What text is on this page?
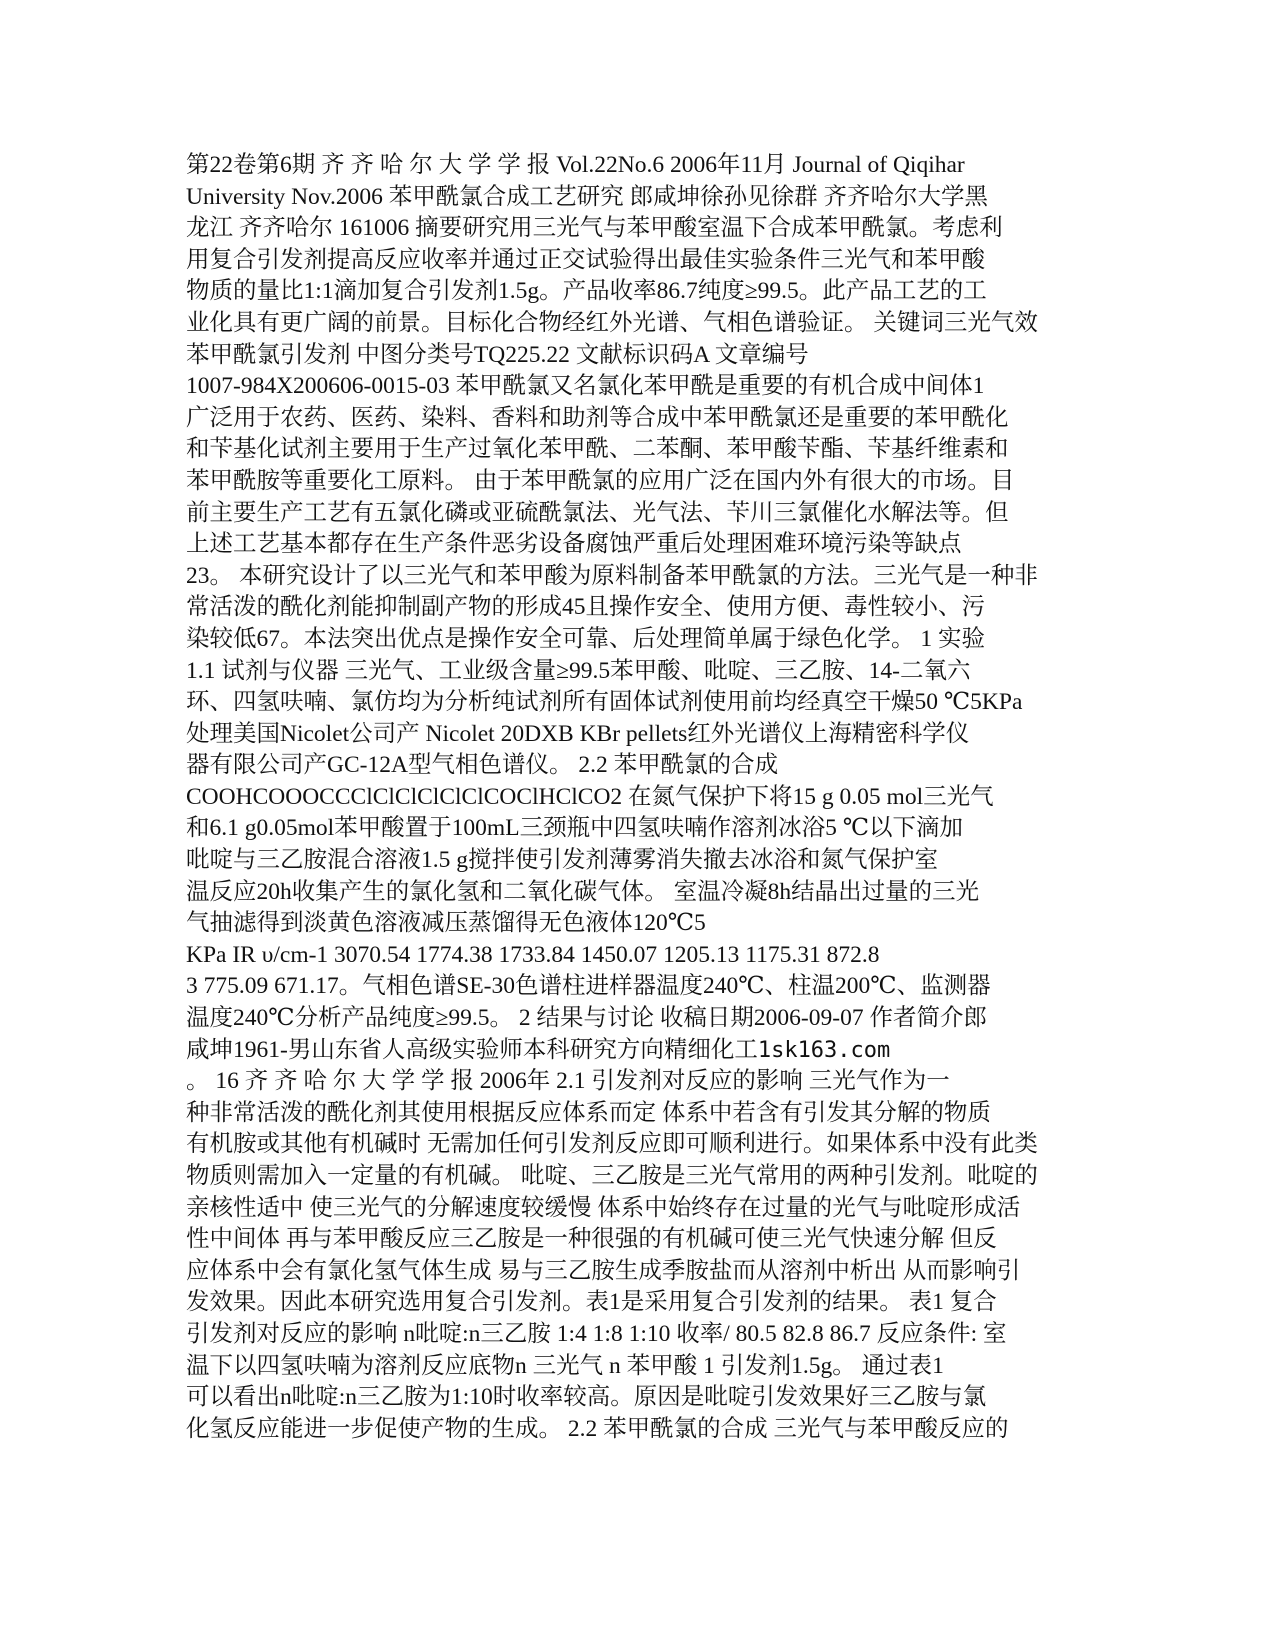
第22卷第6期 齐 齐 哈 尔 大 学 学 报 Vol.22No.6 2006年11月 Journal of Qiqihar
University Nov.2006 苯甲酰氯合成工艺研究 郎咸坤徐孙见徐群 齐齐哈尔大学黑
龙江 齐齐哈尔 161006 摘要研究用三光气与苯甲酸室温下合成苯甲酰氯。考虑利
用复合引发剂提高反应收率并通过正交试验得出最佳实验条件三光气和苯甲酸
物质的量比1:1滴加复合引发剂1.5g。产品收率86.7纯度≥99.5。此产品工艺的工
业化具有更广阔的前景。目标化合物经红外光谱、气相色谱验证。 关键词三光气效
苯甲酰氯引发剂 中图分类号TQ225.22 文献标识码A 文章编号
1007-984X200606-0015-03 苯甲酰氯又名氯化苯甲酰是重要的有机合成中间体1
广泛用于农药、医药、染料、香料和助剂等合成中苯甲酰氯还是重要的苯甲酰化
和苄基化试剂主要用于生产过氧化苯甲酰、二苯酮、苯甲酸苄酯、苄基纤维素和
苯甲酰胺等重要化工原料。 由于苯甲酰氯的应用广泛在国内外有很大的市场。目
前主要生产工艺有五氯化磷或亚硫酰氯法、光气法、苄川三氯催化水解法等。但
上述工艺基本都存在生产条件恶劣设备腐蚀严重后处理困难环境污染等缺点
23。 本研究设计了以三光气和苯甲酸为原料制备苯甲酰氯的方法。三光气是一种非
常活泼的酰化剂能抑制副产物的形成45且操作安全、使用方便、毒性较小、污
染较低67。本法突出优点是操作安全可靠、后处理简单属于绿色化学。 1 实验
1.1 试剂与仪器 三光气、工业级含量≥99.5苯甲酸、吡啶、三乙胺、14-二氧六
环、四氢呋喃、氯仿均为分析纯试剂所有固体试剂使用前均经真空干燥50 ℃5KPa
处理美国Nicolet公司产 Nicolet 20DXB KBr pellets红外光谱仪上海精密科学仪
器有限公司产GC-12A型气相色谱仪。 2.2 苯甲酰氯的合成
COOHCOOOCCClClClClClClCOClHClCO2 在氮气保护下将15 g 0.05 mol三光气
和6.1 g0.05mol苯甲酸置于100mL三颈瓶中四氢呋喃作溶剂冰浴5 ℃以下滴加
吡啶与三乙胺混合溶液1.5 g搅拌使引发剂薄雾消失撤去冰浴和氮气保护室
温反应20h收集产生的氯化氢和二氧化碳气体。 室温冷凝8h结晶出过量的三光
气抽滤得到淡黄色溶液减压蒸馏得无色液体120℃5
KPa IR υ/cm-1 3070.54 1774.38 1733.84 1450.07 1205.13 1175.31 872.8
3 775.09 671.17。气相色谱SE-30色谱柱进样器温度240℃、柱温200℃、监测器
温度240℃分析产品纯度≥99.5。 2 结果与讨论 收稿日期2006-09-07 作者简介郎
咸坤1961-男山东省人高级实验师本科研究方向精细化工1sk163.com
。 16 齐 齐 哈 尔 大 学 学 报 2006年 2.1 引发剂对反应的影响 三光气作为一
种非常活泼的酰化剂其使用根据反应体系而定 体系中若含有引发其分解的物质
有机胺或其他有机碱时 无需加任何引发剂反应即可顺利进行。如果体系中没有此类
物质则需加入一定量的有机碱。 吡啶、三乙胺是三光气常用的两种引发剂。吡啶的
亲核性适中 使三光气的分解速度较缓慢 体系中始终存在过量的光气与吡啶形成活
性中间体 再与苯甲酸反应三乙胺是一种很强的有机碱可使三光气快速分解 但反
应体系中会有氯化氢气体生成 易与三乙胺生成季胺盐而从溶剂中析出 从而影响引
发效果。因此本研究选用复合引发剂。表1是采用复合引发剂的结果。 表1 复合
引发剂对反应的影响 n吡啶:n三乙胺 1:4 1:8 1:10 收率/ 80.5 82.8 86.7 反应条件: 室
温下以四氢呋喃为溶剂反应底物n 三光气 n 苯甲酸 1 引发剂1.5g。 通过表1
可以看出n吡啶:n三乙胺为1:10时收率较高。原因是吡啶引发效果好三乙胺与氯
化氢反应能进一步促使产物的生成。 2.2 苯甲酰氯的合成 三光气与苯甲酸反应的
